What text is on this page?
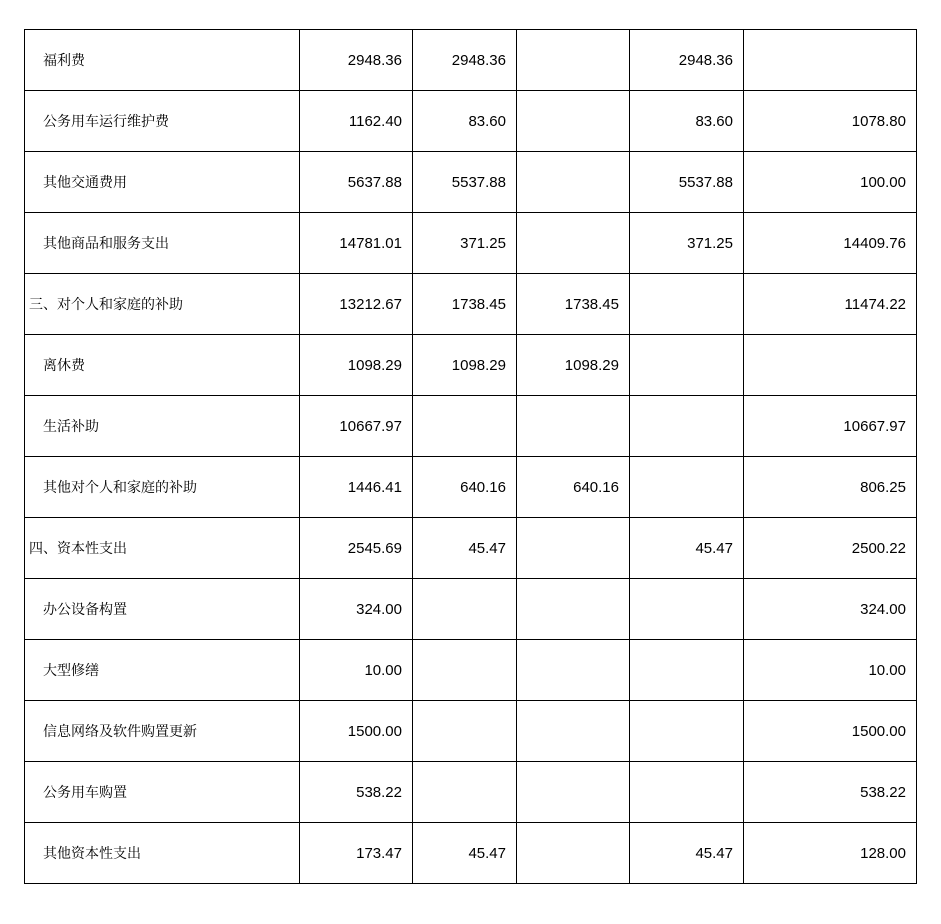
福利费	2948.36	2948.36		2948.36	
公务用车运行维护费	1162.40	83.60		83.60	1078.80
其他交通费用	5637.88	5537.88		5537.88	100.00
其他商品和服务支出	14781.01	371.25		371.25	14409.76
三、对个人和家庭的补助	13212.67	1738.45	1738.45		11474.22
离休费	1098.29	1098.29	1098.29		
生活补助	10667.97				10667.97
其他对个人和家庭的补助	1446.41	640.16	640.16		806.25
四、资本性支出	2545.69	45.47		45.47	2500.22
办公设备构置	324.00				324.00
大型修缮	10.00				10.00
信息网络及软件购置更新	1500.00				1500.00
公务用车购置	538.22				538.22
其他资本性支出	173.47	45.47		45.47	128.00
